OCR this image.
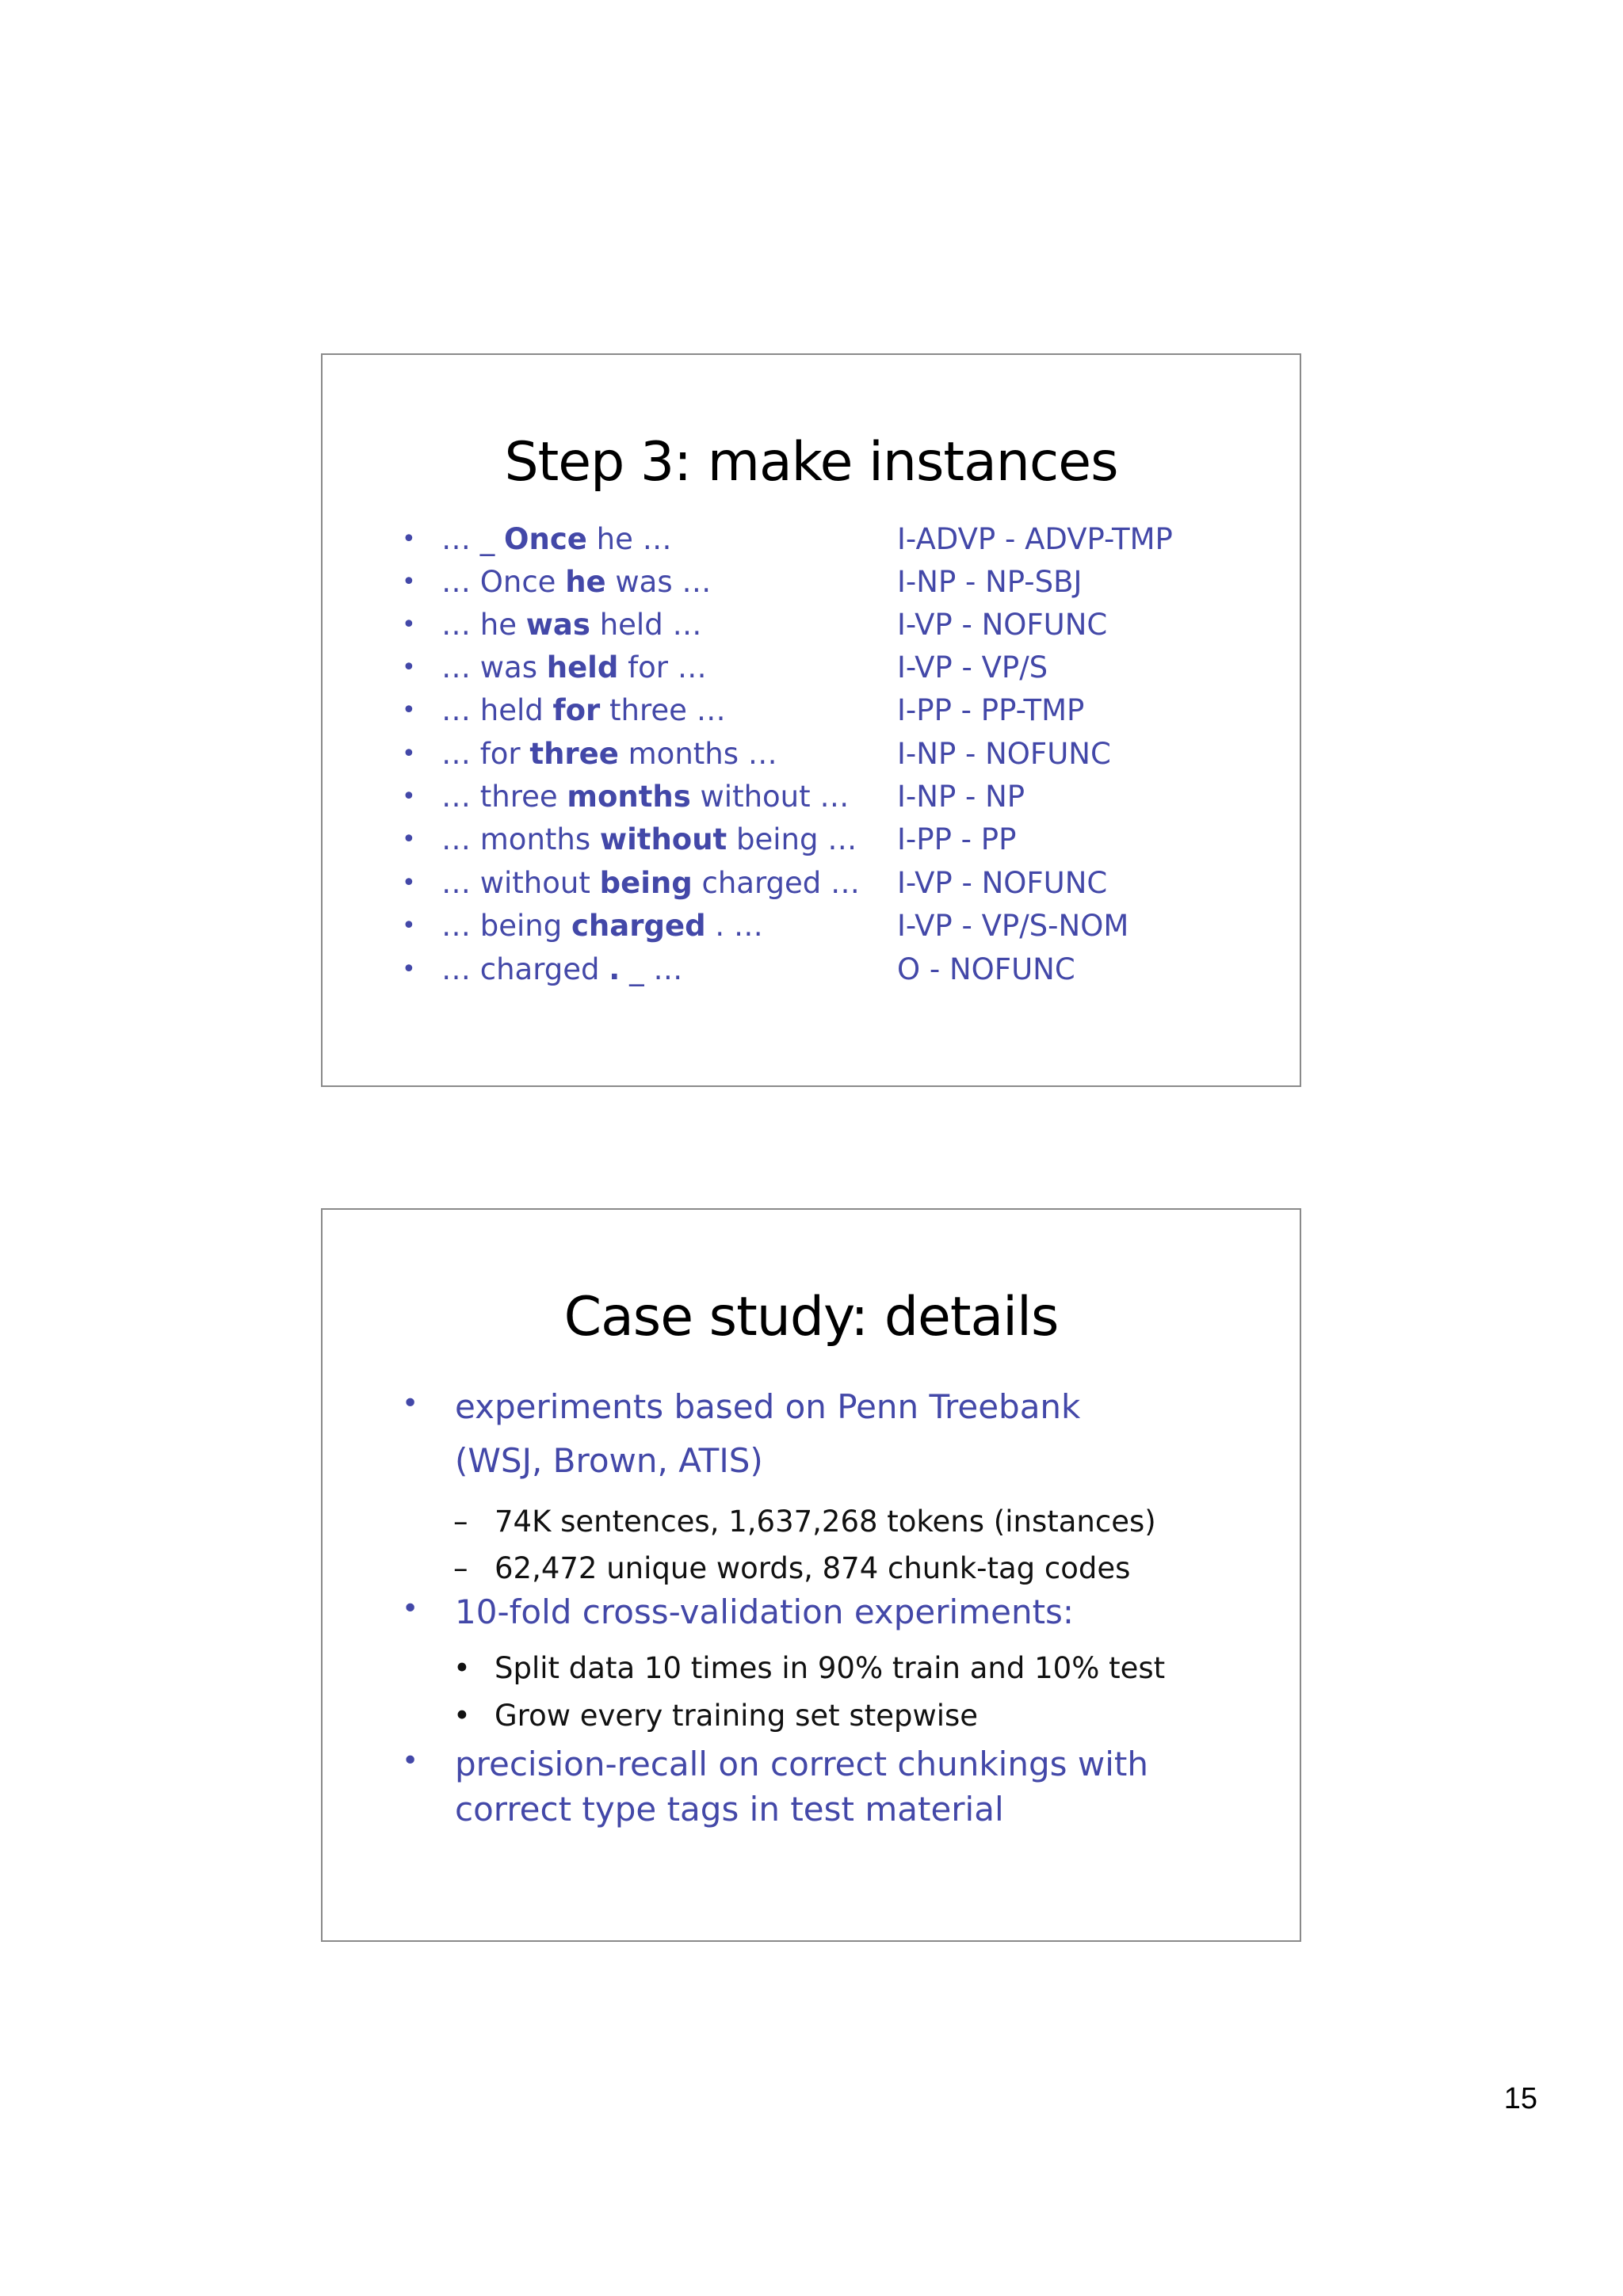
Step 3: make instances
• … _ Once he …	I-ADVP - ADVP-TMP
• … Once he was …	I-NP - NP-SBJ
• … he was held …	I-VP - NOFUNC
• … was held for …	I-VP - VP/S
• … held for three …	I-PP - PP-TMP
• … for three months …	I-NP - NOFUNC
• … three months without … I-NP - NP
• … months without being … I-PP - PP
• … without being charged … I-VP - NOFUNC
• … being charged . …	I-VP - VP/S-NOM
• … charged . _ …	O - NOFUNC
Case study: details
• experiments based on Penn Treebank
(WSJ, Brown, ATIS)
– 74K sentences, 1,637,268 tokens (instances)
– 62,472 unique words, 874 chunk-tag codes
• 10-fold cross-validation experiments:
• Split data 10 times in 90% train and 10% test
• Grow every training set stepwise
• precision-recall on correct chunkings with
correct type tags in test material
15
